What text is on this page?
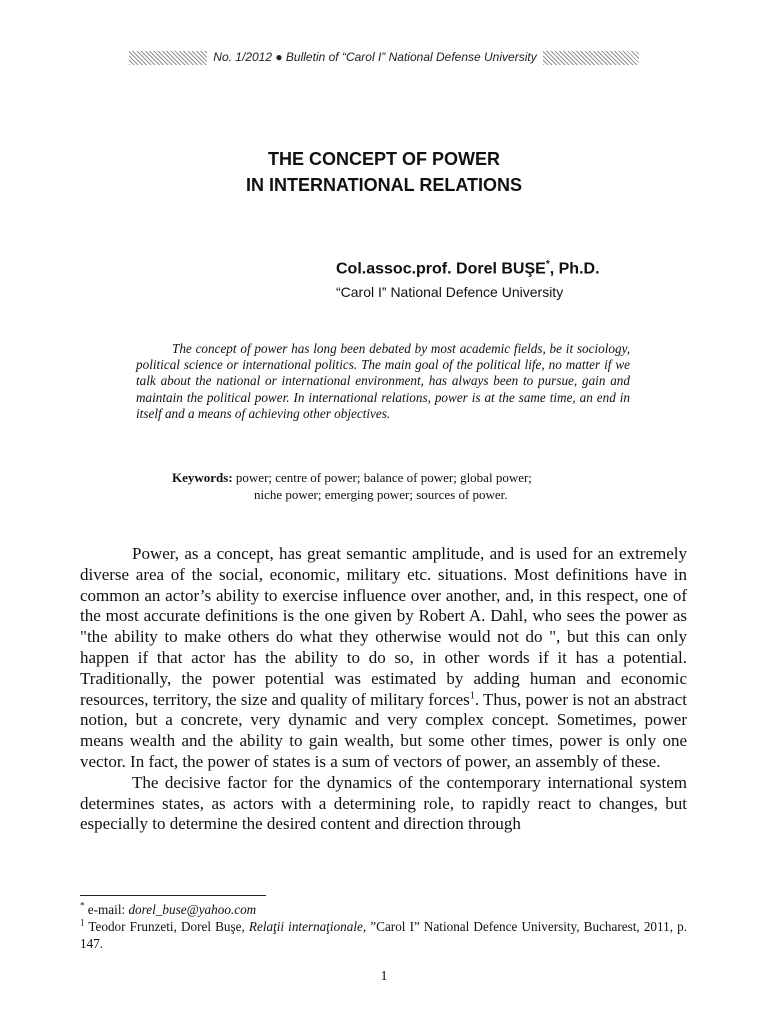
No. 1/2012 ● Bulletin of “Carol I” National Defense University
THE CONCEPT OF POWER
IN INTERNATIONAL RELATIONS
Col.assoc.prof. Dorel BUŞE*, Ph.D.
“Carol I” National Defence University

The concept of power has long been debated by most academic fields, be it sociology, political science or international politics. The main goal of the political life, no matter if we talk about the national or international environment, has always been to pursue, gain and maintain the political power. In international relations, power is at the same time, an end in itself and a means of achieving other objectives.

Keywords: power; centre of power; balance of power; global power;
niche power; emerging power; sources of power.

Power, as a concept, has great semantic amplitude, and is used for an extremely diverse area of the social, economic, military etc. situations. Most definitions have in common an actor’s ability to exercise influence over another, and, in this respect, one of the most accurate definitions is the one given by Robert A. Dahl, who sees the power as "the ability to make others do what they otherwise would not do ", but this can only happen if that actor has the ability to do so, in other words if it has a potential. Traditionally, the power potential was estimated by adding human and economic resources, territory, the size and quality of military forces$^1$. Thus, power is not an abstract notion, but a concrete, very dynamic and very complex concept. Sometimes, power means wealth and the ability to gain wealth, but some other times, power is only one vector. In fact, the power of states is a sum of vectors of power, an assembly of these.

The decisive factor for the dynamics of the contemporary international system determines states, as actors with a determining role, to rapidly react to changes, but especially to determine the desired content and direction through

* e-mail: dorel_buse@yahoo.com

$^1$ Teodor Frunzeti, Dorel Buşe, Relaţii internaţionale, ”Carol I” National Defence University, Bucharest, 2011, p. 147.

1
